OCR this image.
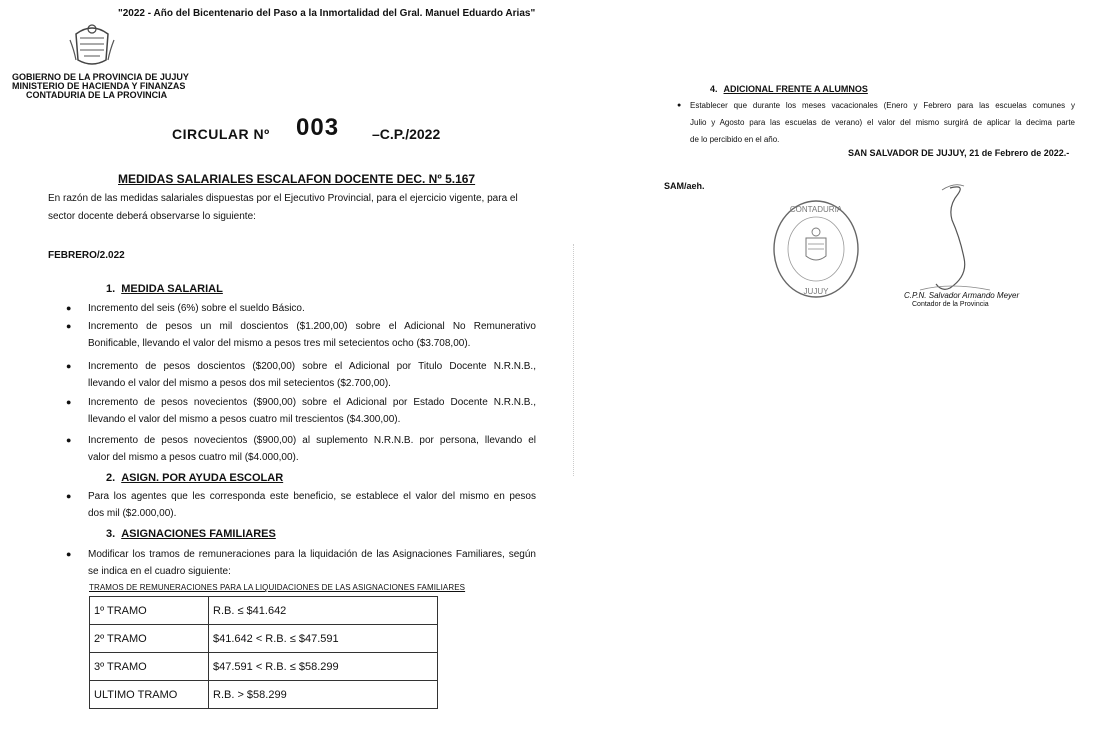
"2022 - Año del Bicentenario del Paso a la Inmortalidad del Gral. Manuel Eduardo Arias"
GOBIERNO DE LA PROVINCIA DE JUJUY
MINISTERIO DE HACIENDA Y FINANZAS
CONTADURIA DE LA PROVINCIA
CIRCULAR Nº 003 –C.P./2022
MEDIDAS SALARIALES ESCALAFON DOCENTE DEC. Nº 5.167
En razón de las medidas salariales dispuestas por el Ejecutivo Provincial, para el ejercicio vigente, para el
sector docente deberá observarse lo siguiente:
FEBRERO/2.022
1. MEDIDA SALARIAL
● Incremento del seis (6%) sobre el sueldo Básico.
● Incremento de pesos un mil doscientos ($1.200,00) sobre el Adicional No Remunerativo
Bonificable, llevando el valor del mismo a pesos tres mil setecientos ocho ($3.708,00).
● Incremento de pesos doscientos ($200,00) sobre el Adicional por Titulo Docente N.R.N.B.,
llevando el valor del mismo a pesos dos mil setecientos ($2.700,00).
● Incremento de pesos novecientos ($900,00) sobre el Adicional por Estado Docente N.R.N.B.,
llevando el valor del mismo a pesos cuatro mil trescientos ($4.300,00).
● Incremento de pesos novecientos ($900,00) al suplemento N.R.N.B. por persona, llevando el
valor del mismo a pesos cuatro mil ($4.000,00).
2. ASIGN. POR AYUDA ESCOLAR
● Para los agentes que les corresponda este beneficio, se establece el valor del mismo en pesos
dos mil ($2.000,00).
3. ASIGNACIONES FAMILIARES
● Modificar los tramos de remuneraciones para la liquidación de las Asignaciones Familiares, según
se indica en el cuadro siguiente:
TRAMOS DE REMUNERACIONES PARA LA LIQUIDACIONES DE LAS ASIGNACIONES FAMILIARES
1º TRAMO	R.B. ≤ $41.642
2º TRAMO	$41.642 < R.B. ≤ $47.591
3º TRAMO	$47.591 < R.B. ≤ $58.299
ULTIMO TRAMO	R.B. > $58.299
4. ADICIONAL FRENTE A ALUMNOS
● Establecer que durante los meses vacacionales (Enero y Febrero para las escuelas comunes y
Julio y Agosto para las escuelas de verano) el valor del mismo surgirá de aplicar la decima parte
de lo percibido en el año.
SAN SALVADOR DE JUJUY, 21 de Febrero de 2022.-
SAM/aeh.
CONTADURIA
JUJUY	C.P.N. Salvador Armando Meyer
Contador de la Provincia
